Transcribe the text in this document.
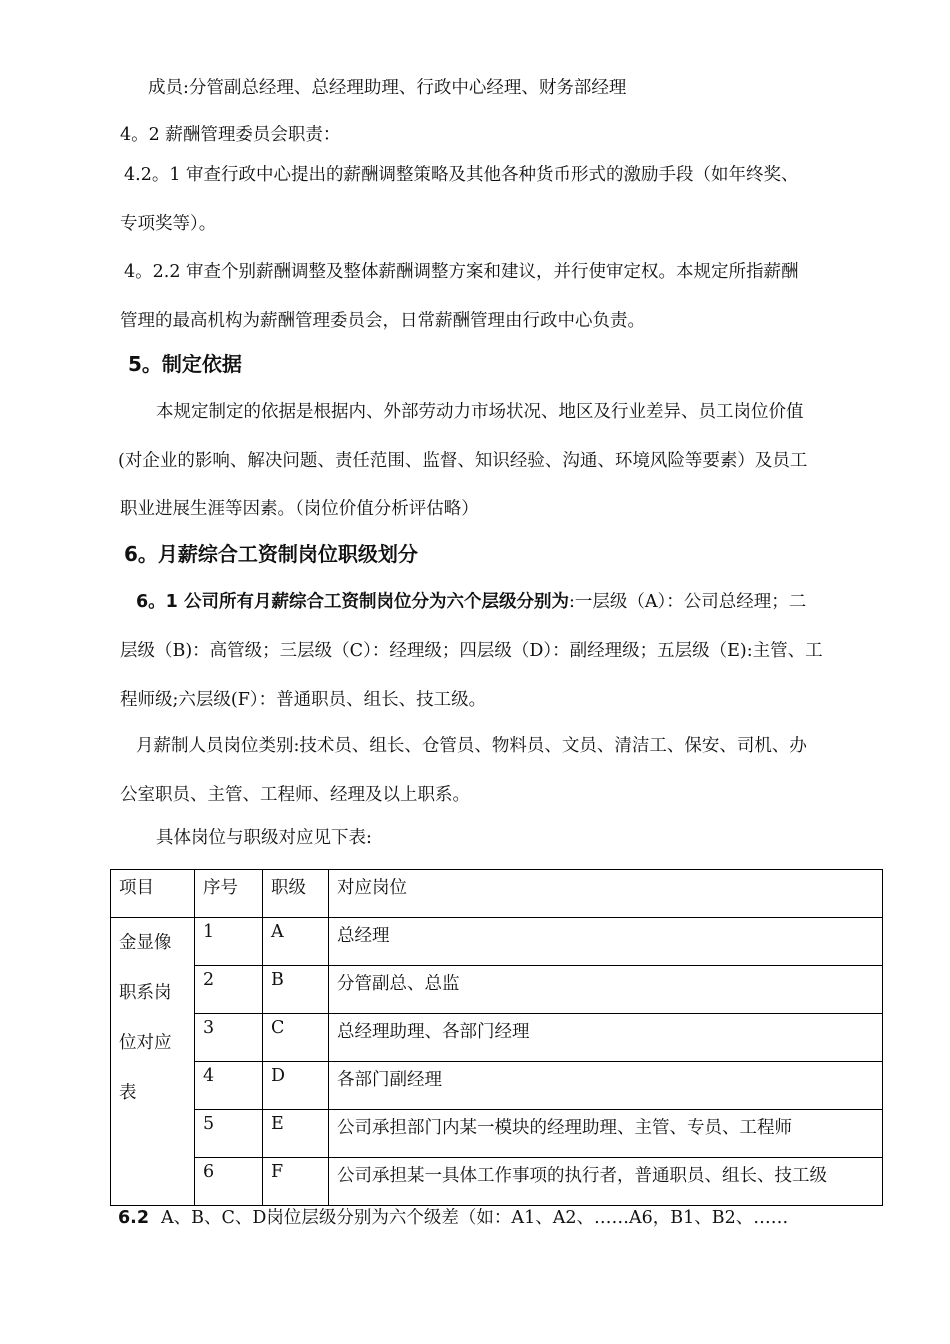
成员:分管副总经理、总经理助理、行政中心经理、财务部经理
4。2 薪酬管理委员会职责：
4.2。1 审查行政中心提出的薪酬调整策略及其他各种货币形式的激励手段（如年终奖、
专项奖等）。
4。2.2 审查个别薪酬调整及整体薪酬调整方案和建议，并行使审定权。本规定所指薪酬
管理的最高机构为薪酬管理委员会，日常薪酬管理由行政中心负责。
5。制定依据
本规定制定的依据是根据内、外部劳动力市场状况、地区及行业差异、员工岗位价值
(对企业的影响、解决问题、责任范围、监督、知识经验、沟通、环境风险等要素）及员工
职业进展生涯等因素。（岗位价值分析评估略）
6。月薪综合工资制岗位职级划分
6。1 公司所有月薪综合工资制岗位分为六个层级分别为:一层级（A）：公司总经理；二
层级（B)：高管级；三层级（C）：经理级；四层级（D）：副经理级；五层级（E):主管、工
程师级;六层级(F）：普通职员、组长、技工级。
月薪制人员岗位类别:技术员、组长、仓管员、物料员、文员、清洁工、保安、司机、办
公室职员、主管、工程师、经理及以上职系。
具体岗位与职级对应见下表:
项目	序号	职级	对应岗位
金显像职系岗位对应表	1	A	总经理
	2	B	分管副总、总监
	3	C	总经理助理、各部门经理
	4	D	各部门副经理
	5	E	公司承担部门内某一模块的经理助理、主管、专员、工程师
	6	F	公司承担某一具体工作事项的执行者，普通职员、组长、技工级
6.2 A、B、C、D岗位层级分别为六个级差（如：A1、A2、……A6，B1、B2、……
